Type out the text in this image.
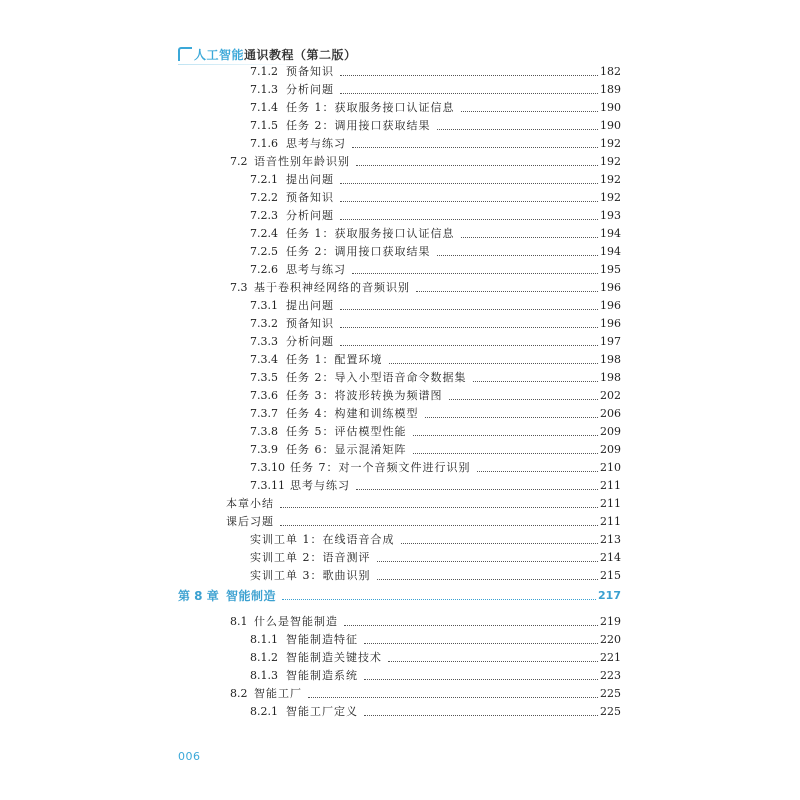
人工智能通识教程（第二版）
7.1.2 预备知识	182
7.1.3 分析问题	189
7.1.4 任务 1：获取服务接口认证信息	190
7.1.5 任务 2：调用接口获取结果	190
7.1.6 思考与练习	192
7.2 语音性别年龄识别	192
7.2.1 提出问题	192
7.2.2 预备知识	192
7.2.3 分析问题	193
7.2.4 任务 1：获取服务接口认证信息	194
7.2.5 任务 2：调用接口获取结果	194
7.2.6 思考与练习	195
7.3 基于卷积神经网络的音频识别	196
7.3.1 提出问题	196
7.3.2 预备知识	196
7.3.3 分析问题	197
7.3.4 任务 1：配置环境	198
7.3.5 任务 2：导入小型语音命令数据集	198
7.3.6 任务 3：将波形转换为频谱图	202
7.3.7 任务 4：构建和训练模型	206
7.3.8 任务 5：评估模型性能	209
7.3.9 任务 6：显示混淆矩阵	209
7.3.10 任务 7：对一个音频文件进行识别	210
7.3.11 思考与练习	211
本章小结	211
课后习题	211
实训工单 1：在线语音合成	213
实训工单 2：语音测评	214
实训工单 3：歌曲识别	215
第 8 章 智能制造	217
8.1 什么是智能制造	219
8.1.1 智能制造特征	220
8.1.2 智能制造关键技术	221
8.1.3 智能制造系统	223
8.2 智能工厂	225
8.2.1 智能工厂定义	225
006
